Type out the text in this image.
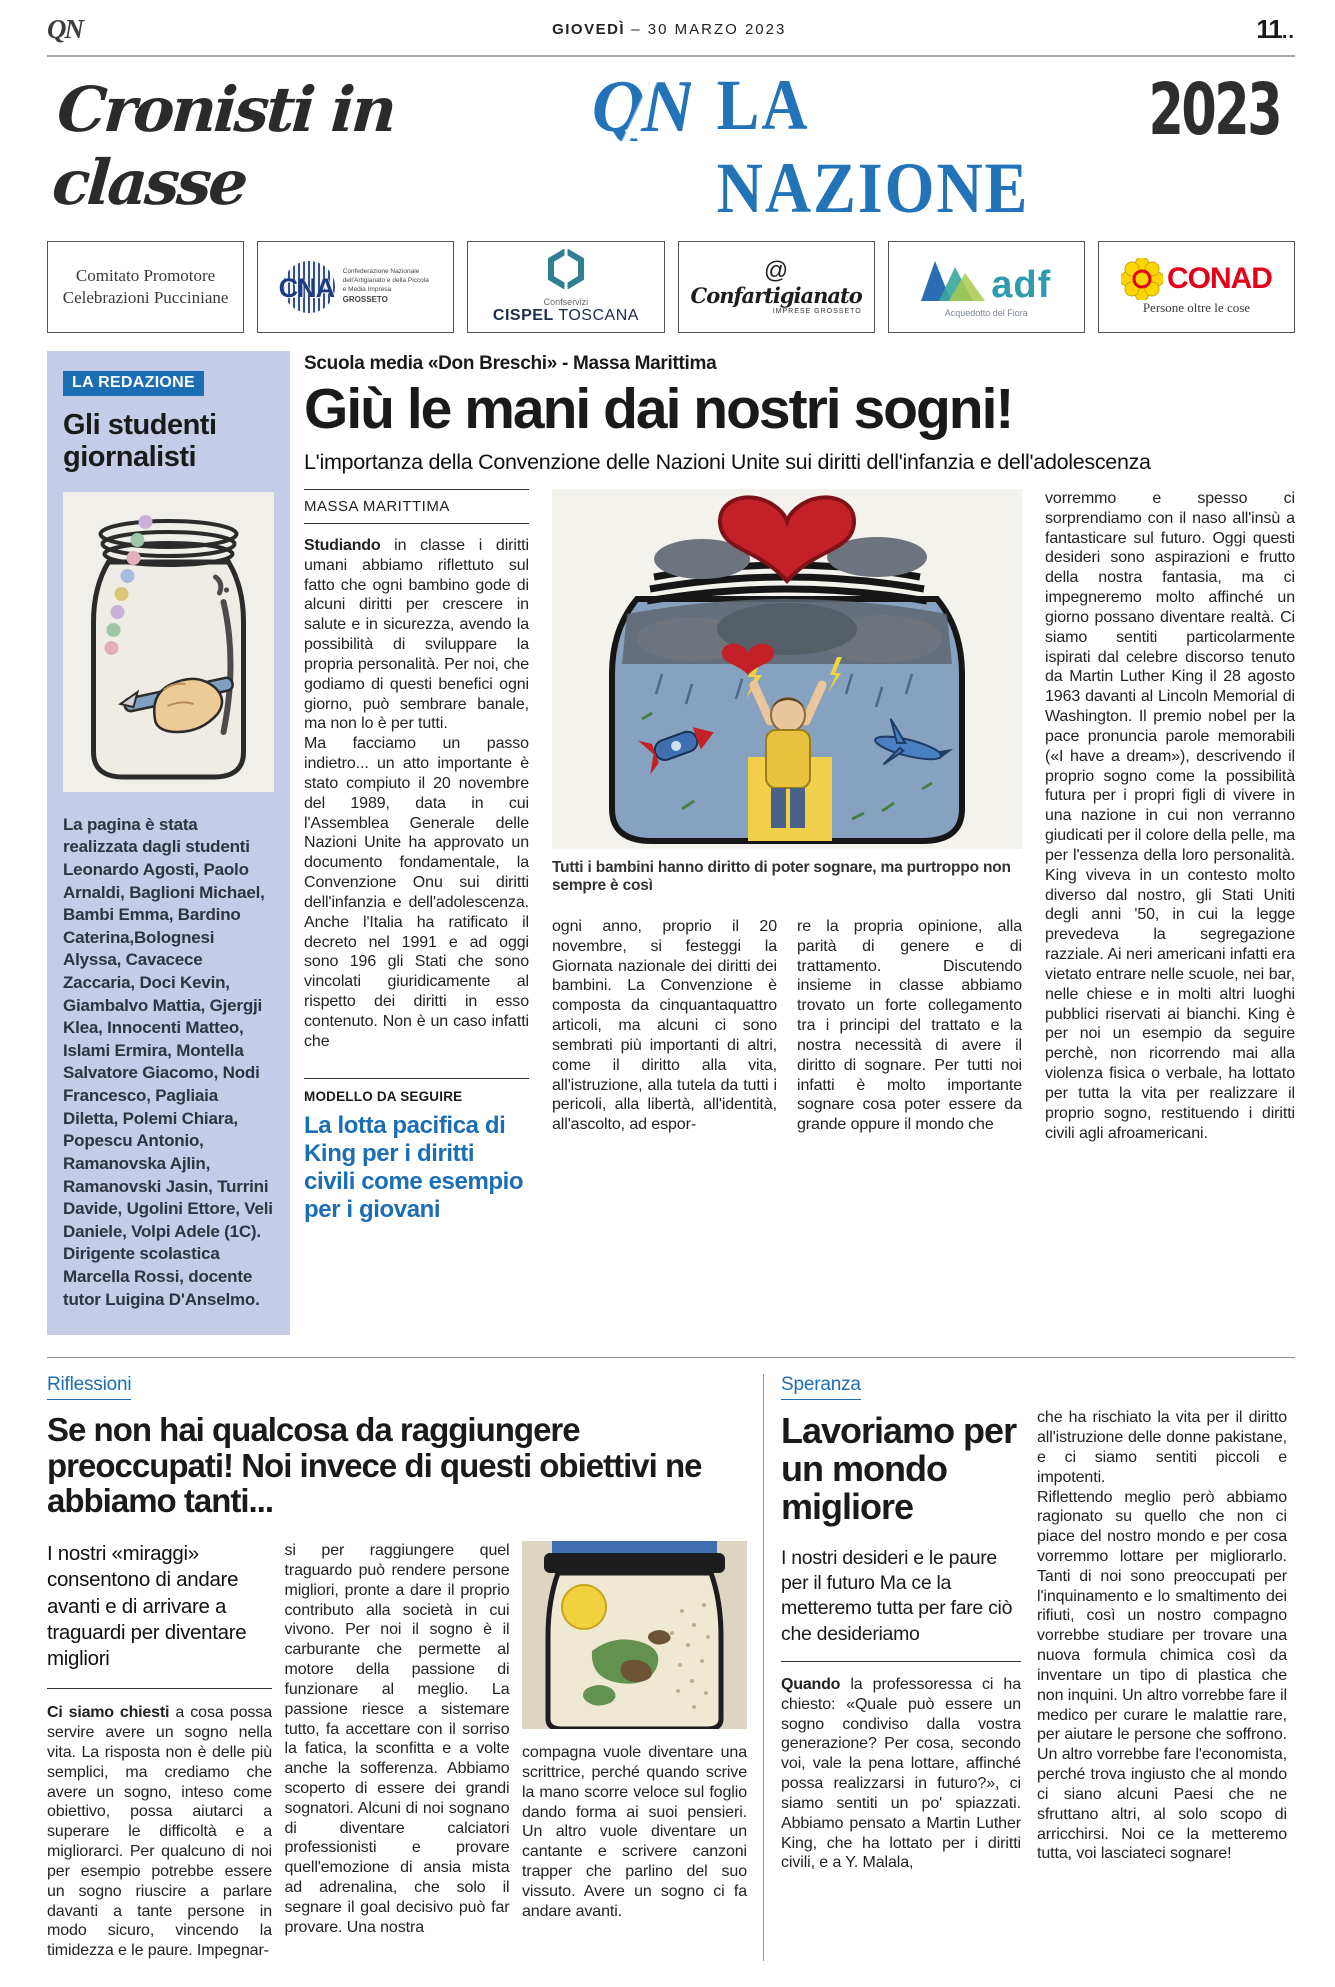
QN	GIOVEDÌ – 30 MARZO 2023	11..
Cronisti in classe
QN LA NAZIONE
2023
Comitato Promotore
Celebrazioni Pucciniane CNA
Confederazione Nazionale
dell'Artigianato e della Piccola
e Media Impresa
GROSSETO	Confservizi
CISPEL TOSCANA
@
Confartigianato
IMPRESE GROSSETO
adf
Acquedotto del Fiora
CONAD
Persone oltre le cose
LA REDAZIONE
Gli studenti giornalisti

La pagina è stata realizzata dagli studenti Leonardo Agosti, Paolo Arnaldi, Baglioni Michael, Bambi Emma, Bardino Caterina,Bolognesi Alyssa, Cavacece Zaccaria, Doci Kevin, Giambalvo Mattia, Gjergji Klea, Innocenti Matteo, Islami Ermira, Montella Salvatore Giacomo, Nodi Francesco, Pagliaia Diletta, Polemi Chiara, Popescu Antonio, Ramanovska Ajlin, Ramanovski Jasin, Turrini Davide, Ugolini Ettore, Veli Daniele, Volpi Adele (1C). Dirigente scolastica Marcella Rossi, docente tutor Luigina D'Anselmo.

Scuola media «Don Breschi» - Massa Marittima
Giù le mani dai nostri sogni!
L'importanza della Convenzione delle Nazioni Unite sui diritti dell'infanzia e dell'adolescenza
MASSA MARITTIMA

Studiando in classe i diritti umani abbiamo riflettuto sul fatto che ogni bambino gode di alcuni diritti per crescere in salute e in sicurezza, avendo la possibilità di sviluppare la propria personalità. Per noi, che godiamo di questi benefici ogni giorno, può sembrare banale, ma non lo è per tutti.

Ma facciamo un passo indietro... un atto importante è stato compiuto il 20 novembre del 1989, data in cui l'Assemblea Generale delle Nazioni Unite ha approvato un documento fondamentale, la Convenzione Onu sui diritti dell'infanzia e dell'adolescenza. Anche l'Italia ha ratificato il decreto nel 1991 e ad oggi sono 196 gli Stati che sono vincolati giuridicamente al rispetto dei diritti in esso contenuto. Non è un caso infatti che

MODELLO DA SEGUIRE
La lotta pacifica di King per i diritti civili come esempio per i giovani
Tutti i bambini hanno diritto di poter sognare, ma purtroppo non sempre è così

ogni anno, proprio il 20 novembre, si festeggi la Giornata nazionale dei diritti dei bambini. La Convenzione è composta da cinquantaquattro articoli, ma alcuni ci sono sembrati più importanti di altri, come il diritto alla vita, all'istruzione, alla tutela da tutti i pericoli, alla libertà, all'identità, all'ascolto, ad espor-

re la propria opinione, alla parità di genere e di trattamento. Discutendo insieme in classe abbiamo trovato un forte collegamento tra i principi del trattato e la nostra necessità di avere il diritto di sognare. Per tutti noi infatti è molto importante sognare cosa poter essere da grande oppure il mondo che

vorremmo e spesso ci sorprendiamo con il naso all'insù a fantasticare sul futuro. Oggi questi desideri sono aspirazioni e frutto della nostra fantasia, ma ci impegneremo molto affinché un giorno possano diventare realtà. Ci siamo sentiti particolarmente ispirati dal celebre discorso tenuto da Martin Luther King il 28 agosto 1963 davanti al Lincoln Memorial di Washington. Il premio nobel per la pace pronuncia parole memorabili («I have a dream»), descrivendo il proprio sogno come la possibilità futura per i propri figli di vivere in una nazione in cui non verranno giudicati per il colore della pelle, ma per l'essenza della loro personalità. King viveva in un contesto molto diverso dal nostro, gli Stati Uniti degli anni '50, in cui la legge prevedeva la segregazione razziale. Ai neri americani infatti era vietato entrare nelle scuole, nei bar, nelle chiese e in molti altri luoghi pubblici riservati ai bianchi. King è per noi un esempio da seguire perchè, non ricorrendo mai alla violenza fisica o verbale, ha lottato per tutta la vita per realizzare il proprio sogno, restituendo i diritti civili agli afroamericani.

Riflessioni
Se non hai qualcosa da raggiungere preoccupati! Noi invece di questi obiettivi ne abbiamo tanti...
I nostri «miraggi» consentono di andare avanti e di arrivare a traguardi per diventare migliori

Ci siamo chiesti a cosa possa servire avere un sogno nella vita. La risposta non è delle più semplici, ma crediamo che avere un sogno, inteso come obiettivo, possa aiutarci a superare le difficoltà e a migliorarci. Per qualcuno di noi per esempio potrebbe essere un sogno riuscire a parlare davanti a tante persone in modo sicuro, vincendo la timidezza e le paure. Impegnar-

si per raggiungere quel traguardo può rendere persone migliori, pronte a dare il proprio contributo alla società in cui vivono. Per noi il sogno è il carburante che permette al motore della passione di funzionare al meglio. La passione riesce a sistemare tutto, fa accettare con il sorriso la fatica, la sconfitta e a volte anche la sofferenza. Abbiamo scoperto di essere dei grandi sognatori. Alcuni di noi sognano di diventare calciatori professionisti e provare quell'emozione di ansia mista ad adrenalina, che solo il segnare il goal decisivo può far provare. Una nostra

compagna vuole diventare una scrittrice, perché quando scrive la mano scorre veloce sul foglio dando forma ai suoi pensieri. Un altro vuole diventare un cantante e scrivere canzoni trapper che parlino del suo vissuto. Avere un sogno ci fa andare avanti.

Speranza
Lavoriamo per un mondo migliore
I nostri desideri e le paure per il futuro Ma ce la metteremo tutta per fare ciò che desideriamo

Quando la professoressa ci ha chiesto: «Quale può essere un sogno condiviso dalla vostra generazione? Per cosa, secondo voi, vale la pena lottare, affinché possa realizzarsi in futuro?», ci siamo sentiti un po' spiazzati. Abbiamo pensato a Martin Luther King, che ha lottato per i diritti civili, e a Y. Malala,

che ha rischiato la vita per il diritto all'istruzione delle donne pakistane, e ci siamo sentiti piccoli e impotenti.

Riflettendo meglio però abbiamo ragionato su quello che non ci piace del nostro mondo e per cosa vorremmo lottare per migliorarlo. Tanti di noi sono preoccupati per l'inquinamento e lo smaltimento dei rifiuti, così un nostro compagno vorrebbe studiare per trovare una nuova formula chimica così da inventare un tipo di plastica che non inquini. Un altro vorrebbe fare il medico per curare le malattie rare, per aiutare le persone che soffrono. Un altro vorrebbe fare l'economista, perché trova ingiusto che al mondo ci siano alcuni Paesi che ne sfruttano altri, al solo scopo di arricchirsi. Noi ce la metteremo tutta, voi lasciateci sognare!
